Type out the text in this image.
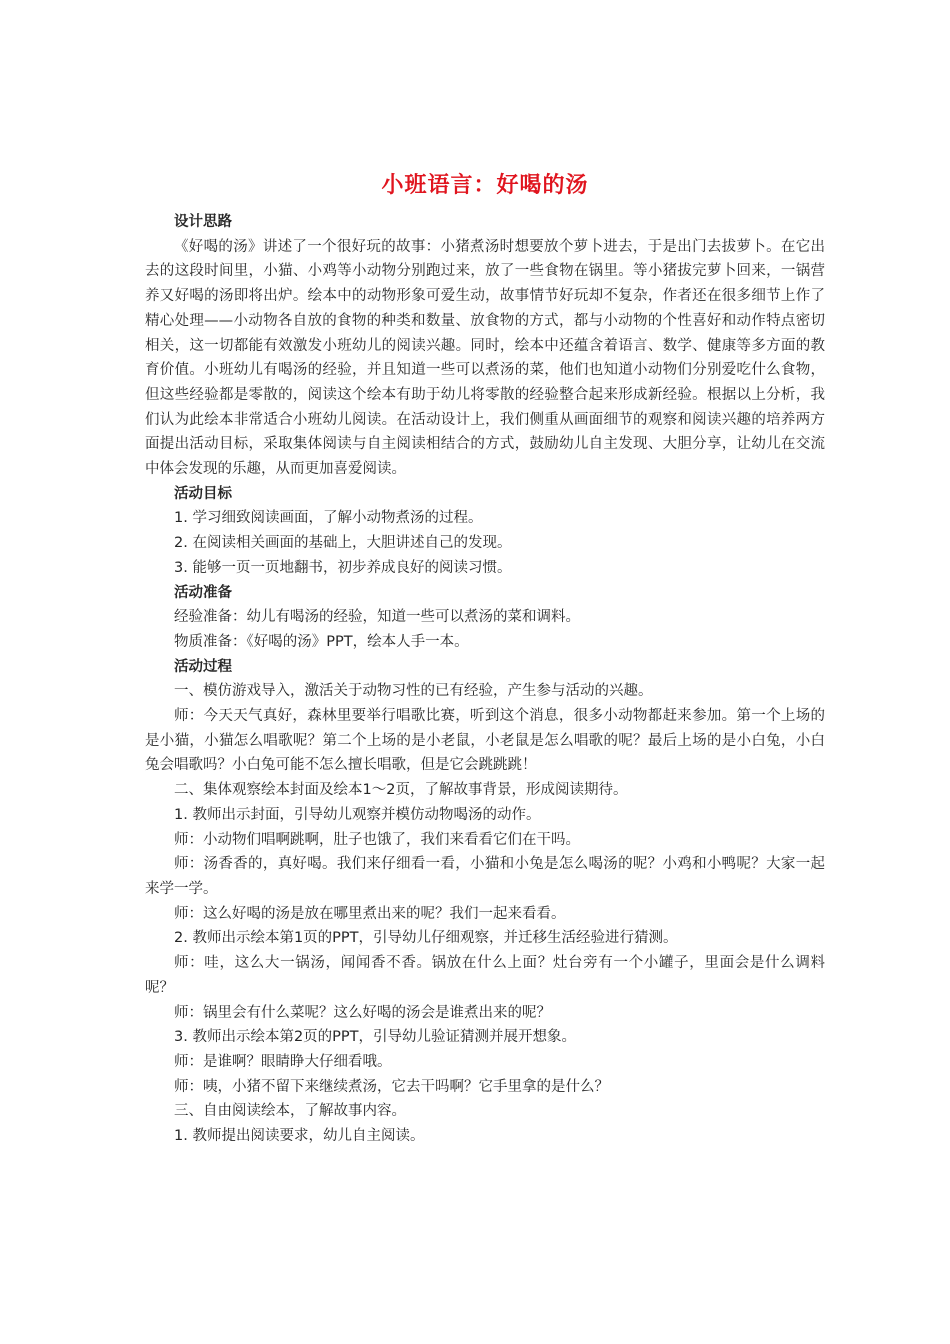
小班语言：好喝的汤
设计思路
《好喝的汤》讲述了一个很好玩的故事：小猪煮汤时想要放个萝卜进去，于是出门去拔萝卜。在它出去的这段时间里，小猫、小鸡等小动物分别跑过来，放了一些食物在锅里。等小猪拔完萝卜回来，一锅营养又好喝的汤即将出炉。绘本中的动物形象可爱生动，故事情节好玩却不复杂，作者还在很多细节上作了精心处理——小动物各自放的食物的种类和数量、放食物的方式，都与小动物的个性喜好和动作特点密切相关，这一切都能有效激发小班幼儿的阅读兴趣。同时，绘本中还蕴含着语言、数学、健康等多方面的教育价值。小班幼儿有喝汤的经验，并且知道一些可以煮汤的菜，他们也知道小动物们分别爱吃什么食物，但这些经验都是零散的，阅读这个绘本有助于幼儿将零散的经验整合起来形成新经验。根据以上分析，我们认为此绘本非常适合小班幼儿阅读。在活动设计上，我们侧重从画面细节的观察和阅读兴趣的培养两方面提出活动目标，采取集体阅读与自主阅读相结合的方式，鼓励幼儿自主发现、大胆分享，让幼儿在交流中体会发现的乐趣，从而更加喜爱阅读。
活动目标
1. 学习细致阅读画面，了解小动物煮汤的过程。
2. 在阅读相关画面的基础上，大胆讲述自己的发现。
3. 能够一页一页地翻书，初步养成良好的阅读习惯。
活动准备
经验准备：幼儿有喝汤的经验，知道一些可以煮汤的菜和调料。
物质准备：《好喝的汤》PPT，绘本人手一本。
活动过程
一、模仿游戏导入，激活关于动物习性的已有经验，产生参与活动的兴趣。
师：今天天气真好，森林里要举行唱歌比赛，听到这个消息，很多小动物都赶来参加。第一个上场的是小猫，小猫怎么唱歌呢？第二个上场的是小老鼠，小老鼠是怎么唱歌的呢？最后上场的是小白兔，小白兔会唱歌吗？小白兔可能不怎么擅长唱歌，但是它会跳跳跳！
二、集体观察绘本封面及绘本1～2页，了解故事背景，形成阅读期待。
1. 教师出示封面，引导幼儿观察并模仿动物喝汤的动作。
师：小动物们唱啊跳啊，肚子也饿了，我们来看看它们在干吗。
师：汤香香的，真好喝。我们来仔细看一看，小猫和小兔是怎么喝汤的呢？小鸡和小鸭呢？大家一起来学一学。
师：这么好喝的汤是放在哪里煮出来的呢？我们一起来看看。
2. 教师出示绘本第1页的PPT，引导幼儿仔细观察，并迁移生活经验进行猜测。
师：哇，这么大一锅汤，闻闻香不香。锅放在什么上面？灶台旁有一个小罐子，里面会是什么调料呢？
师：锅里会有什么菜呢？这么好喝的汤会是谁煮出来的呢？
3. 教师出示绘本第2页的PPT，引导幼儿验证猜测并展开想象。
师：是谁啊？眼睛睁大仔细看哦。
师：咦，小猪不留下来继续煮汤，它去干吗啊？它手里拿的是什么？
三、自由阅读绘本，了解故事内容。
1. 教师提出阅读要求，幼儿自主阅读。
